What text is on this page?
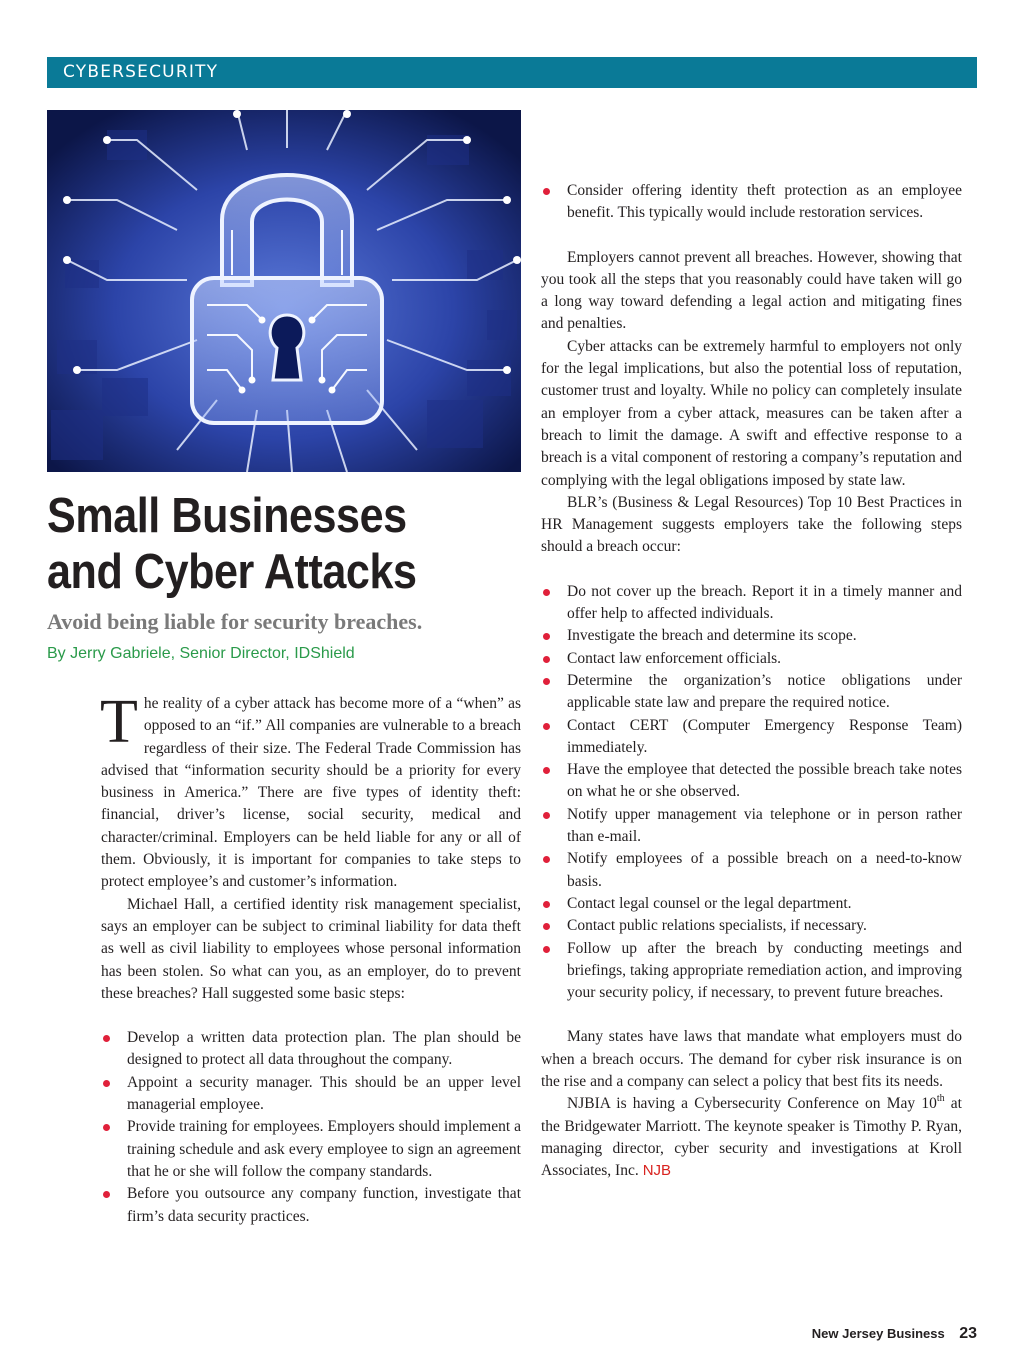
CYBERSECURITY
Small Businesses and Cyber Attacks

Avoid being liable for security breaches.

By Jerry Gabriele, Senior Director, IDShield

The reality of a cyber attack has become more of a “when” as opposed to an “if.” All companies are vulnerable to a breach regardless of their size. The Federal Trade Commission has advised that “information security should be a priority for every business in America.” There are five types of identity theft: financial, driver’s license, social security, medical and character/criminal. Employers can be held liable for any or all of them. Obviously, it is important for companies to take steps to protect employee’s and customer’s information.

Michael Hall, a certified identity risk management specialist, says an employer can be subject to criminal liability for data theft as well as civil liability to employees whose personal information has been stolen. So what can you, as an employer, do to prevent these breaches? Hall suggested some basic steps:

Develop a written data protection plan. The plan should be designed to protect all data throughout the company.
Appoint a security manager. This should be an upper level managerial employee.
Provide training for employees. Employers should implement a training schedule and ask every employee to sign an agreement that he or she will follow the company standards.
Before you outsource any company function, investigate that firm’s data security practices.
Consider offering identity theft protection as an employee benefit. This typically would include restoration services.

Employers cannot prevent all breaches. However, showing that you took all the steps that you reasonably could have taken will go a long way toward defending a legal action and mitigating fines and penalties.

Cyber attacks can be extremely harmful to employers not only for the legal implications, but also the potential loss of reputation, customer trust and loyalty. While no policy can completely insulate an employer from a cyber attack, measures can be taken after a breach to limit the damage. A swift and effective response to a breach is a vital component of restoring a company’s reputation and complying with the legal obligations imposed by state law.

BLR’s (Business & Legal Resources) Top 10 Best Practices in HR Management suggests employers take the following steps should a breach occur:

Do not cover up the breach. Report it in a timely manner and offer help to affected individuals.
Investigate the breach and determine its scope.
Contact law enforcement officials.
Determine the organization’s notice obligations under applicable state law and prepare the required notice.
Contact CERT (Computer Emergency Response Team) immediately.
Have the employee that detected the possible breach take notes on what he or she observed.
Notify upper management via telephone or in person rather than e-mail.
Notify employees of a possible breach on a need-to-know basis.
Contact legal counsel or the legal department.
Contact public relations specialists, if necessary.
Follow up after the breach by conducting meetings and briefings, taking appropriate remediation action, and improving your security policy, if necessary, to prevent future breaches.

Many states have laws that mandate what employers must do when a breach occurs. The demand for cyber risk insurance is on the rise and a company can select a policy that best fits its needs.

NJBIA is having a Cybersecurity Conference on May 10th at the Bridgewater Marriott. The keynote speaker is Timothy P. Ryan, managing director, cyber security and investigations at Kroll Associates, Inc. NJB

New Jersey Business 23
